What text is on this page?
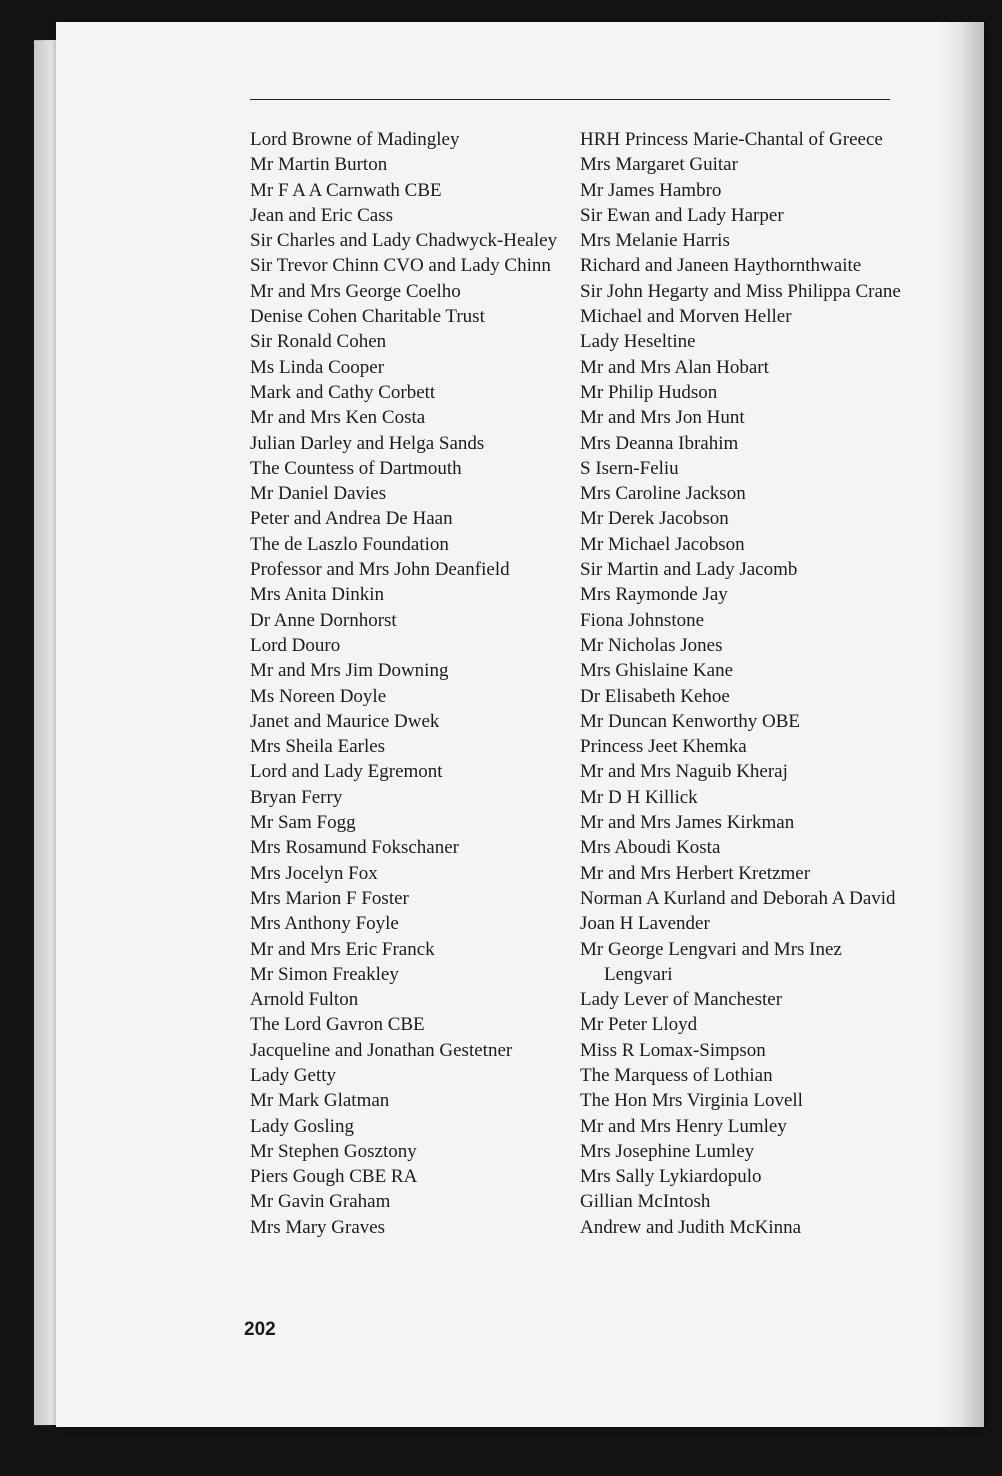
Lord Browne of Madingley
Mr Martin Burton
Mr F A A Carnwath CBE
Jean and Eric Cass
Sir Charles and Lady Chadwyck-Healey
Sir Trevor Chinn CVO and Lady Chinn
Mr and Mrs George Coelho
Denise Cohen Charitable Trust
Sir Ronald Cohen
Ms Linda Cooper
Mark and Cathy Corbett
Mr and Mrs Ken Costa
Julian Darley and Helga Sands
The Countess of Dartmouth
Mr Daniel Davies
Peter and Andrea De Haan
The de Laszlo Foundation
Professor and Mrs John Deanfield
Mrs Anita Dinkin
Dr Anne Dornhorst
Lord Douro
Mr and Mrs Jim Downing
Ms Noreen Doyle
Janet and Maurice Dwek
Mrs Sheila Earles
Lord and Lady Egremont
Bryan Ferry
Mr Sam Fogg
Mrs Rosamund Fokschaner
Mrs Jocelyn Fox
Mrs Marion F Foster
Mrs Anthony Foyle
Mr and Mrs Eric Franck
Mr Simon Freakley
Arnold Fulton
The Lord Gavron CBE
Jacqueline and Jonathan Gestetner
Lady Getty
Mr Mark Glatman
Lady Gosling
Mr Stephen Gosztony
Piers Gough CBE RA
Mr Gavin Graham
Mrs Mary Graves
HRH Princess Marie-Chantal of Greece
Mrs Margaret Guitar
Mr James Hambro
Sir Ewan and Lady Harper
Mrs Melanie Harris
Richard and Janeen Haythornthwaite
Sir John Hegarty and Miss Philippa Crane
Michael and Morven Heller
Lady Heseltine
Mr and Mrs Alan Hobart
Mr Philip Hudson
Mr and Mrs Jon Hunt
Mrs Deanna Ibrahim
S Isern-Feliu
Mrs Caroline Jackson
Mr Derek Jacobson
Mr Michael Jacobson
Sir Martin and Lady Jacomb
Mrs Raymonde Jay
Fiona Johnstone
Mr Nicholas Jones
Mrs Ghislaine Kane
Dr Elisabeth Kehoe
Mr Duncan Kenworthy OBE
Princess Jeet Khemka
Mr and Mrs Naguib Kheraj
Mr D H Killick
Mr and Mrs James Kirkman
Mrs Aboudi Kosta
Mr and Mrs Herbert Kretzmer
Norman A Kurland and Deborah A David
Joan H Lavender
Mr George Lengvari and Mrs Inez Lengvari
Lady Lever of Manchester
Mr Peter Lloyd
Miss R Lomax-Simpson
The Marquess of Lothian
The Hon Mrs Virginia Lovell
Mr and Mrs Henry Lumley
Mrs Josephine Lumley
Mrs Sally Lykiardopulo
Gillian McIntosh
Andrew and Judith McKinna
202
